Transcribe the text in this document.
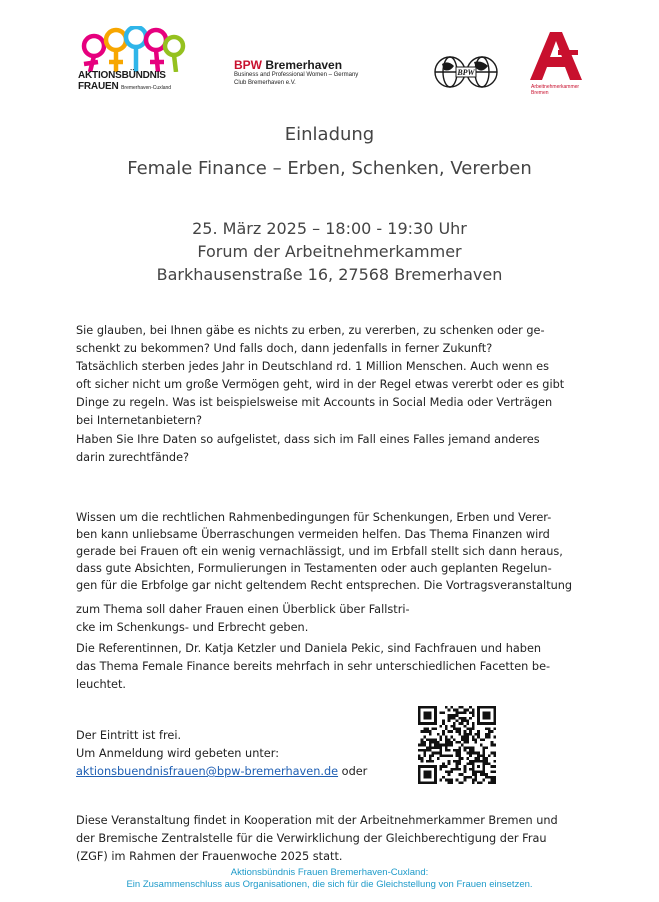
AKTIONSBÜNDNIS
FRAUEN Bremerhaven-Cuxland
BPW Bremerhaven
Business and Professional Women – Germany
Club Bremerhaven e.V.
BPW
Arbeitnehmerkammer
Bremen
Einladung
Female Finance – Erben, Schenken, Vererben
25. März 2025 – 18:00 - 19:30 Uhr
Forum der Arbeitnehmerkammer
Barkhausenstraße 16, 27568 Bremerhaven
Sie glauben, bei Ihnen gäbe es nichts zu erben, zu vererben, zu schenken oder ge-
schenkt zu bekommen? Und falls doch, dann jedenfalls in ferner Zukunft?
Tatsächlich sterben jedes Jahr in Deutschland rd. 1 Million Menschen. Auch wenn es
oft sicher nicht um große Vermögen geht, wird in der Regel etwas vererbt oder es gibt
Dinge zu regeln. Was ist beispielsweise mit Accounts in Social Media oder Verträgen
bei Internetanbietern?
Haben Sie Ihre Daten so aufgelistet, dass sich im Fall eines Falles jemand anderes
darin zurechtfände?
Wissen um die rechtlichen Rahmenbedingungen für Schenkungen, Erben und Verer-
ben kann unliebsame Überraschungen vermeiden helfen. Das Thema Finanzen wird
gerade bei Frauen oft ein wenig vernachlässigt, und im Erbfall stellt sich dann heraus,
dass gute Absichten, Formulierungen in Testamenten oder auch geplanten Regelun-
gen für die Erbfolge gar nicht geltendem Recht entsprechen. Die Vortragsveranstaltung
zum Thema soll daher Frauen einen Überblick über Fallstri-
cke im Schenkungs- und Erbrecht geben.
Die Referentinnen, Dr. Katja Ketzler und Daniela Pekic, sind Fachfrauen und haben
das Thema Female Finance bereits mehrfach in sehr unterschiedlichen Facetten be-
leuchtet.
Der Eintritt ist frei.
Um Anmeldung wird gebeten unter:
aktionsbuendnisfrauen@bpw-bremerhaven.de oder
Diese Veranstaltung findet in Kooperation mit der Arbeitnehmerkammer Bremen und
der Bremische Zentralstelle für die Verwirklichung der Gleichberechtigung der Frau
(ZGF) im Rahmen der Frauenwoche 2025 statt.
Aktionsbündnis Frauen Bremerhaven-Cuxland:
Ein Zusammenschluss aus Organisationen, die sich für die Gleichstellung von Frauen einsetzen.
